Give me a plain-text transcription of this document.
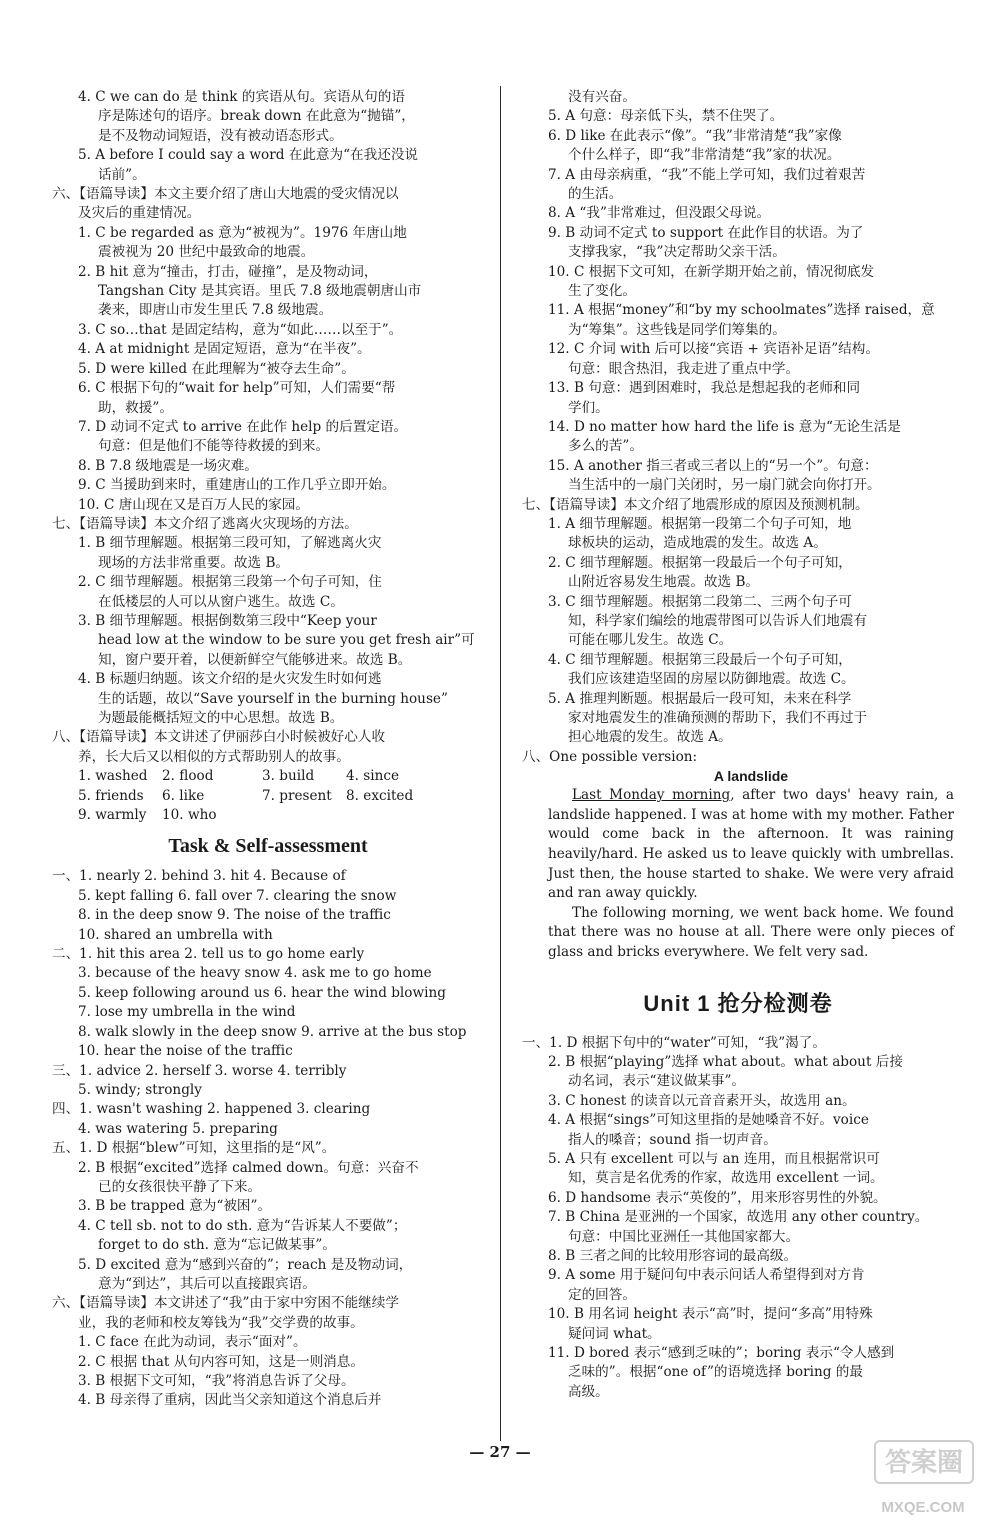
4. C we can do 是 think 的宾语从句。宾语从句的语
序是陈述句的语序。break down 在此意为“抛锚”，
是不及物动词短语，没有被动语态形式。
5. A before I could say a word 在此意为“在我还没说
话前”。
六、【语篇导读】本文主要介绍了唐山大地震的受灾情况以
及灾后的重建情况。
1. C be regarded as 意为“被视为”。1976 年唐山地
震被视为 20 世纪中最致命的地震。
2. B hit 意为“撞击，打击，碰撞”，是及物动词，
Tangshan City 是其宾语。里氏 7.8 级地震朝唐山市
袭来，即唐山市发生里氏 7.8 级地震。
3. C so…that 是固定结构，意为“如此……以至于”。
4. A at midnight 是固定短语，意为“在半夜”。
5. D were killed 在此理解为“被夺去生命”。
6. C 根据下句的“wait for help”可知，人们需要“帮
助，救援”。
7. D 动词不定式 to arrive 在此作 help 的后置定语。
句意：但是他们不能等待救援的到来。
8. B 7.8 级地震是一场灾难。
9. C 当援助到来时，重建唐山的工作几乎立即开始。
10. C 唐山现在又是百万人民的家园。
七、【语篇导读】本文介绍了逃离火灾现场的方法。
1. B 细节理解题。根据第三段可知，了解逃离火灾
现场的方法非常重要。故选 B。
2. C 细节理解题。根据第三段第一个句子可知，住
在低楼层的人可以从窗户逃生。故选 C。
3. B 细节理解题。根据倒数第三段中“Keep your
head low at the window to be sure you get fresh air”可
知，窗户要开着，以便新鲜空气能够进来。故选 B。
4. B 标题归纳题。该文介绍的是火灾发生时如何逃
生的话题，故以“Save yourself in the burning house”
为题最能概括短文的中心思想。故选 B。
八、【语篇导读】本文讲述了伊丽莎白小时候被好心人收
养，长大后又以相似的方式帮助别人的故事。
1. washed	2. flood	3. build	4. since
5. friends	6. like	7. present	8. excited
9. warmly	10. who
Task & Self-assessment
一、1. nearly 2. behind 3. hit 4. Because of
5. kept falling 6. fall over 7. clearing the snow
8. in the deep snow 9. The noise of the traffic
10. shared an umbrella with
二、1. hit this area 2. tell us to go home early
3. because of the heavy snow 4. ask me to go home
5. keep following around us 6. hear the wind blowing
7. lose my umbrella in the wind
8. walk slowly in the deep snow 9. arrive at the bus stop
10. hear the noise of the traffic
三、1. advice 2. herself 3. worse 4. terribly
5. windy; strongly
四、1. wasn't washing 2. happened 3. clearing
4. was watering 5. preparing
五、1. D 根据“blew”可知，这里指的是“风”。
2. B 根据“excited”选择 calmed down。句意：兴奋不
已的女孩很快平静了下来。
3. B be trapped 意为“被困”。
4. C tell sb. not to do sth. 意为“告诉某人不要做”；
forget to do sth. 意为“忘记做某事”。
5. D excited 意为“感到兴奋的”；reach 是及物动词，
意为“到达”，其后可以直接跟宾语。
六、【语篇导读】本文讲述了“我”由于家中穷困不能继续学
业，我的老师和校友筹钱为“我”交学费的故事。
1. C face 在此为动词，表示“面对”。
2. C 根据 that 从句内容可知，这是一则消息。
3. B 根据下文可知，“我”将消息告诉了父母。
4. B 母亲得了重病，因此当父亲知道这个消息后并
没有兴奋。
5. A 句意：母亲低下头，禁不住哭了。
6. D like 在此表示“像”。“我”非常清楚“我”家像
个什么样子，即“我”非常清楚“我”家的状况。
7. A 由母亲病重，“我”不能上学可知，我们过着艰苦
的生活。
8. A “我”非常难过，但没跟父母说。
9. B 动词不定式 to support 在此作目的状语。为了
支撑我家，“我”决定帮助父亲干活。
10. C 根据下文可知，在新学期开始之前，情况彻底发
生了变化。
11. A 根据“money”和“by my schoolmates”选择 raised，意
为“筹集”。这些钱是同学们筹集的。
12. C 介词 with 后可以接“宾语 + 宾语补足语”结构。
句意：眼含热泪，我走进了重点中学。
13. B 句意：遇到困难时，我总是想起我的老师和同
学们。
14. D no matter how hard the life is 意为“无论生活是
多么的苦”。
15. A another 指三者或三者以上的“另一个”。句意：
当生活中的一扇门关闭时，另一扇门就会向你打开。
七、【语篇导读】本文介绍了地震形成的原因及预测机制。
1. A 细节理解题。根据第一段第二个句子可知，地
球板块的运动，造成地震的发生。故选 A。
2. C 细节理解题。根据第一段最后一个句子可知，
山附近容易发生地震。故选 B。
3. C 细节理解题。根据第二段第二、三两个句子可
知，科学家们编绘的地震带图可以告诉人们地震有
可能在哪儿发生。故选 C。
4. C 细节理解题。根据第三段最后一个句子可知，
我们应该建造坚固的房屋以防御地震。故选 C。
5. A 推理判断题。根据最后一段可知，未来在科学
家对地震发生的准确预测的帮助下，我们不再过于
担心地震的发生。故选 A。
八、One possible version:
A landslide

Last Monday morning, after two days' heavy rain, a landslide happened. I was at home with my mother. Father would come back in the afternoon. It was raining heavily/hard. He asked us to leave quickly with umbrellas. Just then, the house started to shake. We were very afraid and ran away quickly.

The following morning, we went back home. We found that there was no house at all. There were only pieces of glass and bricks everywhere. We felt very sad.

Unit 1 抢分检测卷
一、1. D 根据下句中的“water”可知，“我”渴了。
2. B 根据“playing”选择 what about。what about 后接
动名词，表示“建议做某事”。
3. C honest 的读音以元音音素开头，故选用 an。
4. A 根据“sings”可知这里指的是她嗓音不好。voice
指人的嗓音；sound 指一切声音。
5. A 只有 excellent 可以与 an 连用，而且根据常识可
知，莫言是名优秀的作家，故选用 excellent 一词。
6. D handsome 表示“英俊的”，用来形容男性的外貌。
7. B China 是亚洲的一个国家，故选用 any other country。
句意：中国比亚洲任一其他国家都大。
8. B 三者之间的比较用形容词的最高级。
9. A some 用于疑问句中表示问话人希望得到对方肯
定的回答。
10. B 用名词 height 表示“高”时，提问“多高”用特殊
疑问词 what。
11. D bored 表示“感到乏味的”；boring 表示“令人感到
乏味的”。根据“one of”的语境选择 boring 的最
高级。
— 27 —	答案圈
MXQE.COM
